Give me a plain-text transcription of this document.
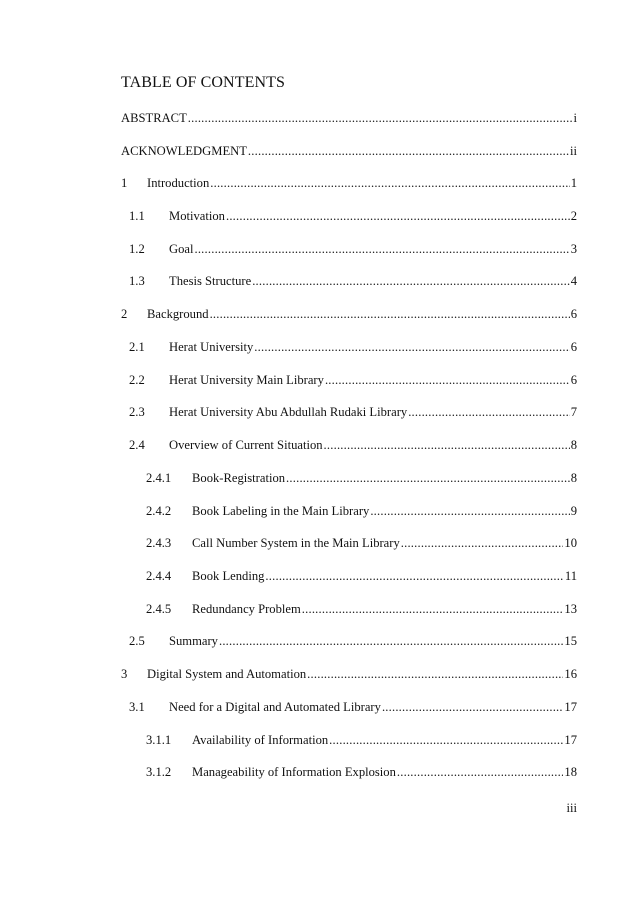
TABLE OF CONTENTS
ABSTRACT .....	i
ACKNOWLEDGMENT .....	ii
1	Introduction .....	1
1.1	Motivation .....	2
1.2	Goal .....	3
1.3	Thesis Structure .....	4
2	Background .....	6
2.1	Herat University .....	6
2.2	Herat University Main Library .....	6
2.3	Herat University Abu Abdullah Rudaki Library .....	7
2.4	Overview of Current Situation .....	8
2.4.1	Book-Registration .....	8
2.4.2	Book Labeling in the Main Library .....	9
2.4.3	Call Number System in the Main Library .....	10
2.4.4	Book Lending .....	11
2.4.5	Redundancy Problem .....	13
2.5	Summary .....	15
3	Digital System and Automation .....	16
3.1	Need for a Digital and Automated Library .....	17
3.1.1	Availability of Information .....	17
3.1.2	Manageability of Information Explosion .....	18
iii
